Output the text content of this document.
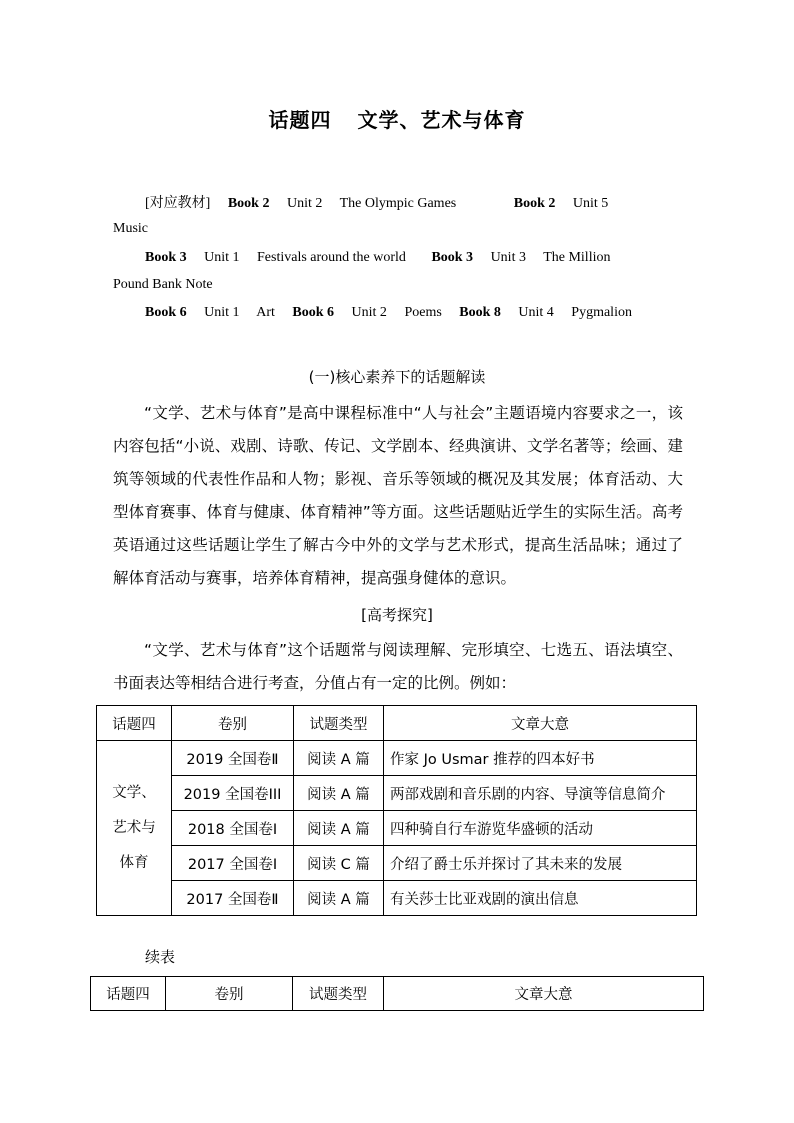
话题四 文学、艺术与体育
[对应教材] Book 2 Unit 2 The Olympic Games	Book 2 Unit 5
Music
Book 3 Unit 1 Festivals around the world Book 3 Unit 3 The Million
Pound Bank Note
Book 6 Unit 1 Art Book 6 Unit 2 Poems Book 8 Unit 4 Pygmalion
(一)核心素养下的话题解读
“文学、艺术与体育”是高中课程标准中“人与社会”主题语境内容要求之一，该内容包括“小说、戏剧、诗歌、传记、文学剧本、经典演讲、文学名著等；绘画、建筑等领域的代表性作品和人物；影视、音乐等领域的概况及其发展；体育活动、大型体育赛事、体育与健康、体育精神”等方面。这些话题贴近学生的实际生活。高考英语通过这些话题让学生了解古今中外的文学与艺术形式，提高生活品味；通过了解体育活动与赛事，培养体育精神，提高强身健体的意识。
[高考探究]
“文学、艺术与体育”这个话题常与阅读理解、完形填空、七选五、语法填空、书面表达等相结合进行考查，分值占有一定的比例。例如：
话题四	卷别	试题类型	文章大意

文学、
艺术与
体育	2019 全国卷Ⅱ	阅读 A 篇	作家 Jo Usmar 推荐的四本好书
	2019 全国卷III	阅读 A 篇	两部戏剧和音乐剧的内容、导演等信息简介
	2018 全国卷Ⅰ	阅读 A 篇	四种骑自行车游览华盛顿的活动
	2017 全国卷Ⅰ	阅读 C 篇	介绍了爵士乐并探讨了其未来的发展
	2017 全国卷Ⅱ	阅读 A 篇	有关莎士比亚戏剧的演出信息
续表
话题四	卷别	试题类型	文章大意
